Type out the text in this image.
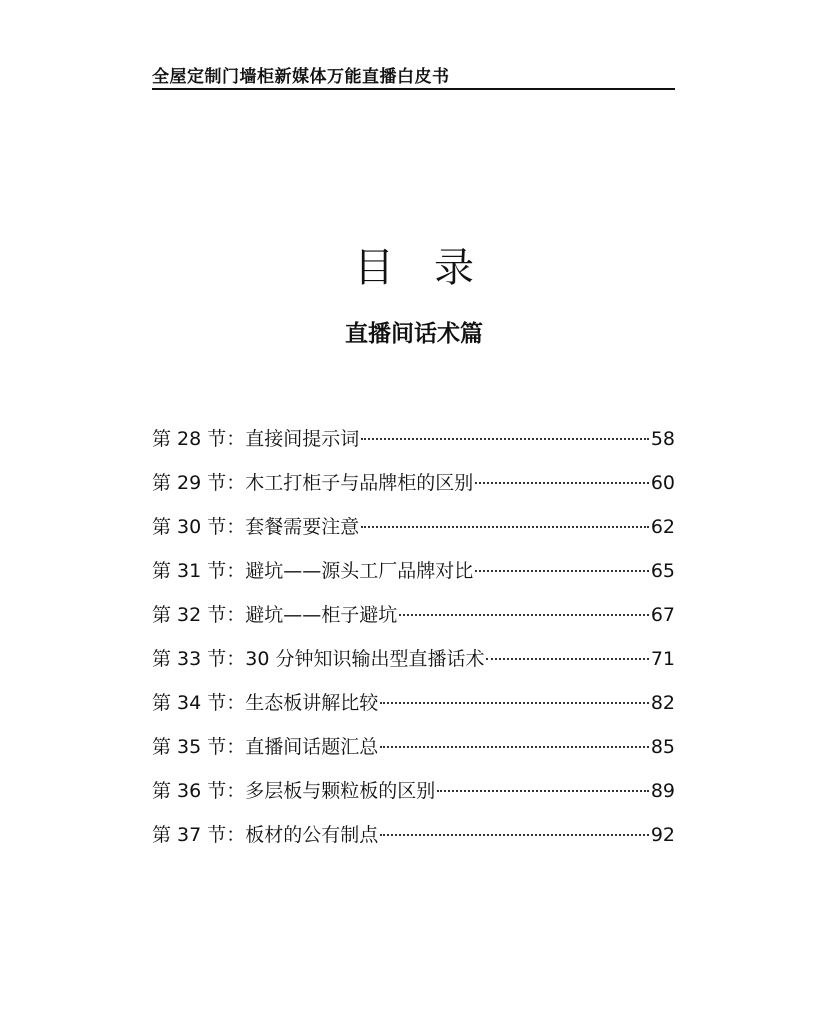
全屋定制门墙柜新媒体万能直播白皮书
目　录
直播间话术篇
第 28 节： 直接间提示词	58
第 29 节： 木工打柜子与品牌柜的区别	60
第 30 节： 套餐需要注意	62
第 31 节： 避坑——源头工厂品牌对比	65
第 32 节： 避坑——柜子避坑	67
第 33 节： 30 分钟知识输出型直播话术	71
第 34 节： 生态板讲解比较	82
第 35 节： 直播间话题汇总	85
第 36 节： 多层板与颗粒板的区别	89
第 37 节： 板材的公有制点	92
